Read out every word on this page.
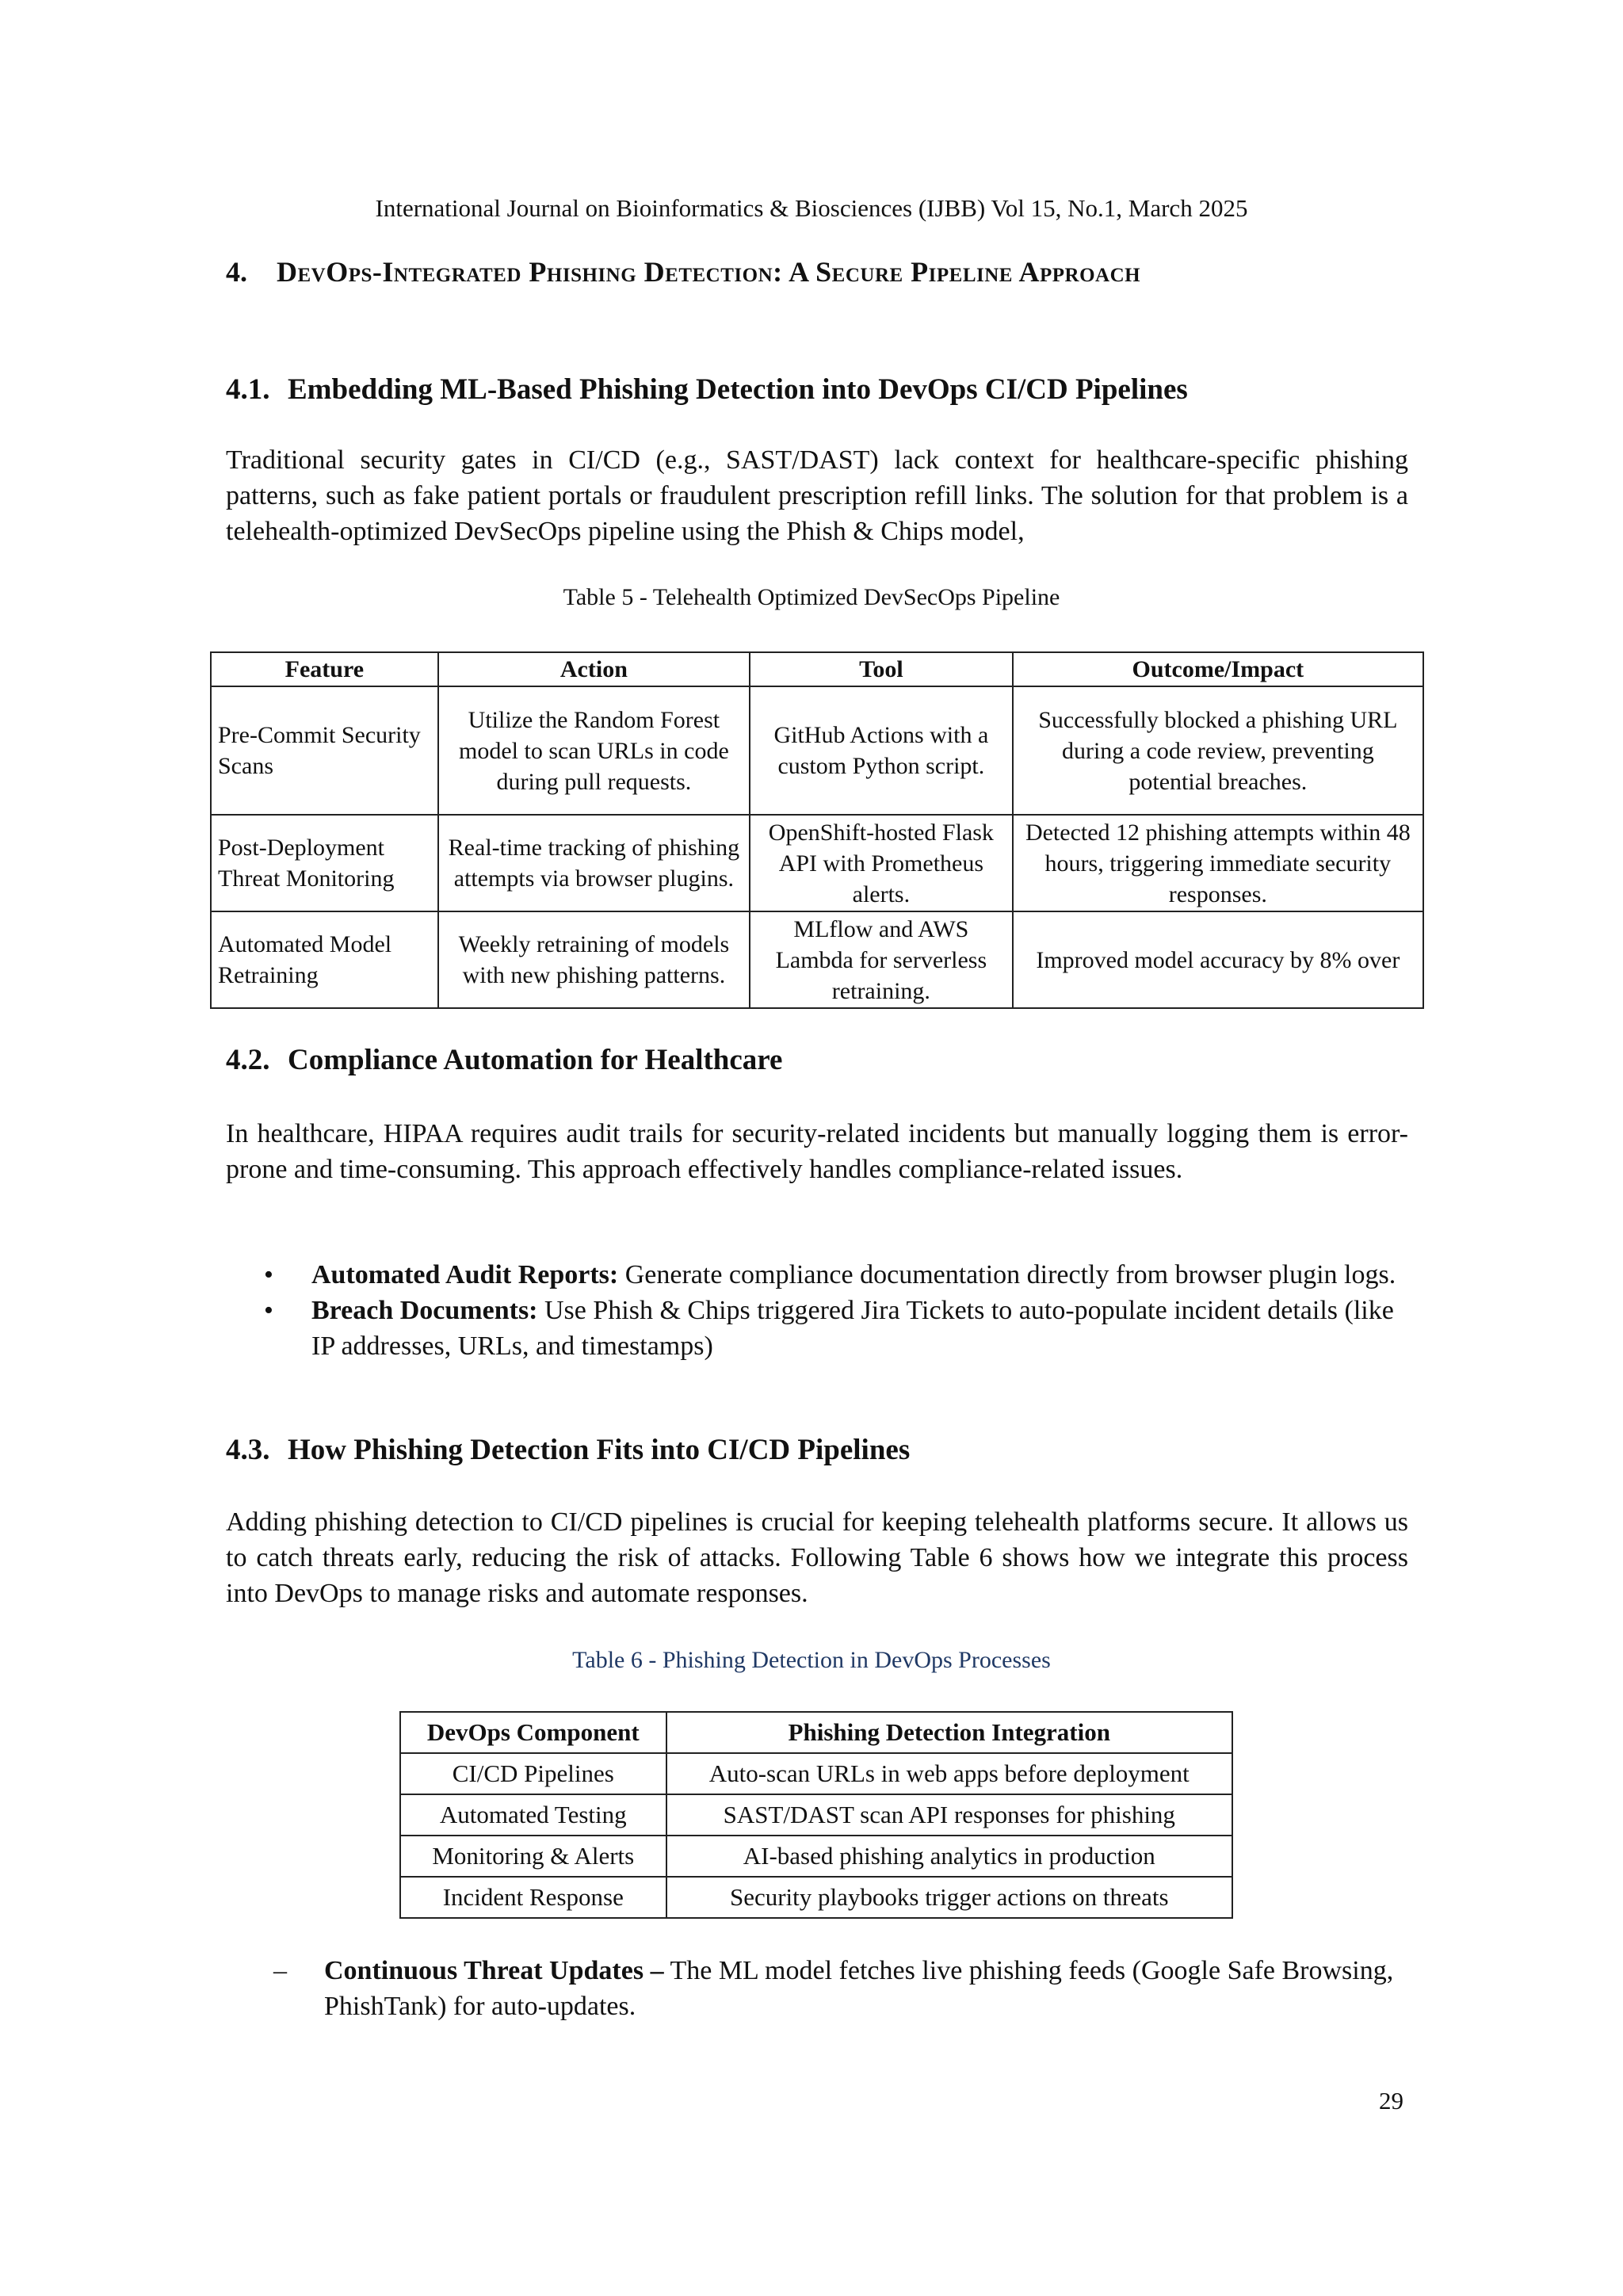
International Journal on Bioinformatics & Biosciences (IJBB) Vol 15, No.1, March 2025
4. DevOps-Integrated Phishing Detection: A Secure Pipeline Approach
4.1. Embedding ML-Based Phishing Detection into DevOps CI/CD Pipelines
Traditional security gates in CI/CD (e.g., SAST/DAST) lack context for healthcare-specific phishing patterns, such as fake patient portals or fraudulent prescription refill links. The solution for that problem is a telehealth-optimized DevSecOps pipeline using the Phish & Chips model,
Table 5 - Telehealth Optimized DevSecOps Pipeline
Feature	Action	Tool	Outcome/Impact
Pre-Commit Security Scans	Utilize the Random Forest model to scan URLs in code during pull requests.	GitHub Actions with a custom Python script.	Successfully blocked a phishing URL during a code review, preventing potential breaches.
Post-Deployment Threat Monitoring	Real-time tracking of phishing attempts via browser plugins.	OpenShift-hosted Flask API with Prometheus alerts.	Detected 12 phishing attempts within 48 hours, triggering immediate security responses.
Automated Model Retraining	Weekly retraining of models with new phishing patterns.	MLflow and AWS Lambda for serverless retraining.	Improved model accuracy by 8% over
4.2. Compliance Automation for Healthcare
In healthcare, HIPAA requires audit trails for security-related incidents but manually logging them is error-prone and time-consuming. This approach effectively handles compliance-related issues.
• Automated Audit Reports: Generate compliance documentation directly from browser plugin logs.
• Breach Documents: Use Phish & Chips triggered Jira Tickets to auto-populate incident details (like IP addresses, URLs, and timestamps)
4.3. How Phishing Detection Fits into CI/CD Pipelines
Adding phishing detection to CI/CD pipelines is crucial for keeping telehealth platforms secure. It allows us to catch threats early, reducing the risk of attacks. Following Table 6 shows how we integrate this process into DevOps to manage risks and automate responses.
Table 6 - Phishing Detection in DevOps Processes
DevOps Component	Phishing Detection Integration
CI/CD Pipelines	Auto-scan URLs in web apps before deployment
Automated Testing	SAST/DAST scan API responses for phishing
Monitoring & Alerts	AI-based phishing analytics in production
Incident Response	Security playbooks trigger actions on threats
– Continuous Threat Updates – The ML model fetches live phishing feeds (Google Safe Browsing, PhishTank) for auto-updates.
29
